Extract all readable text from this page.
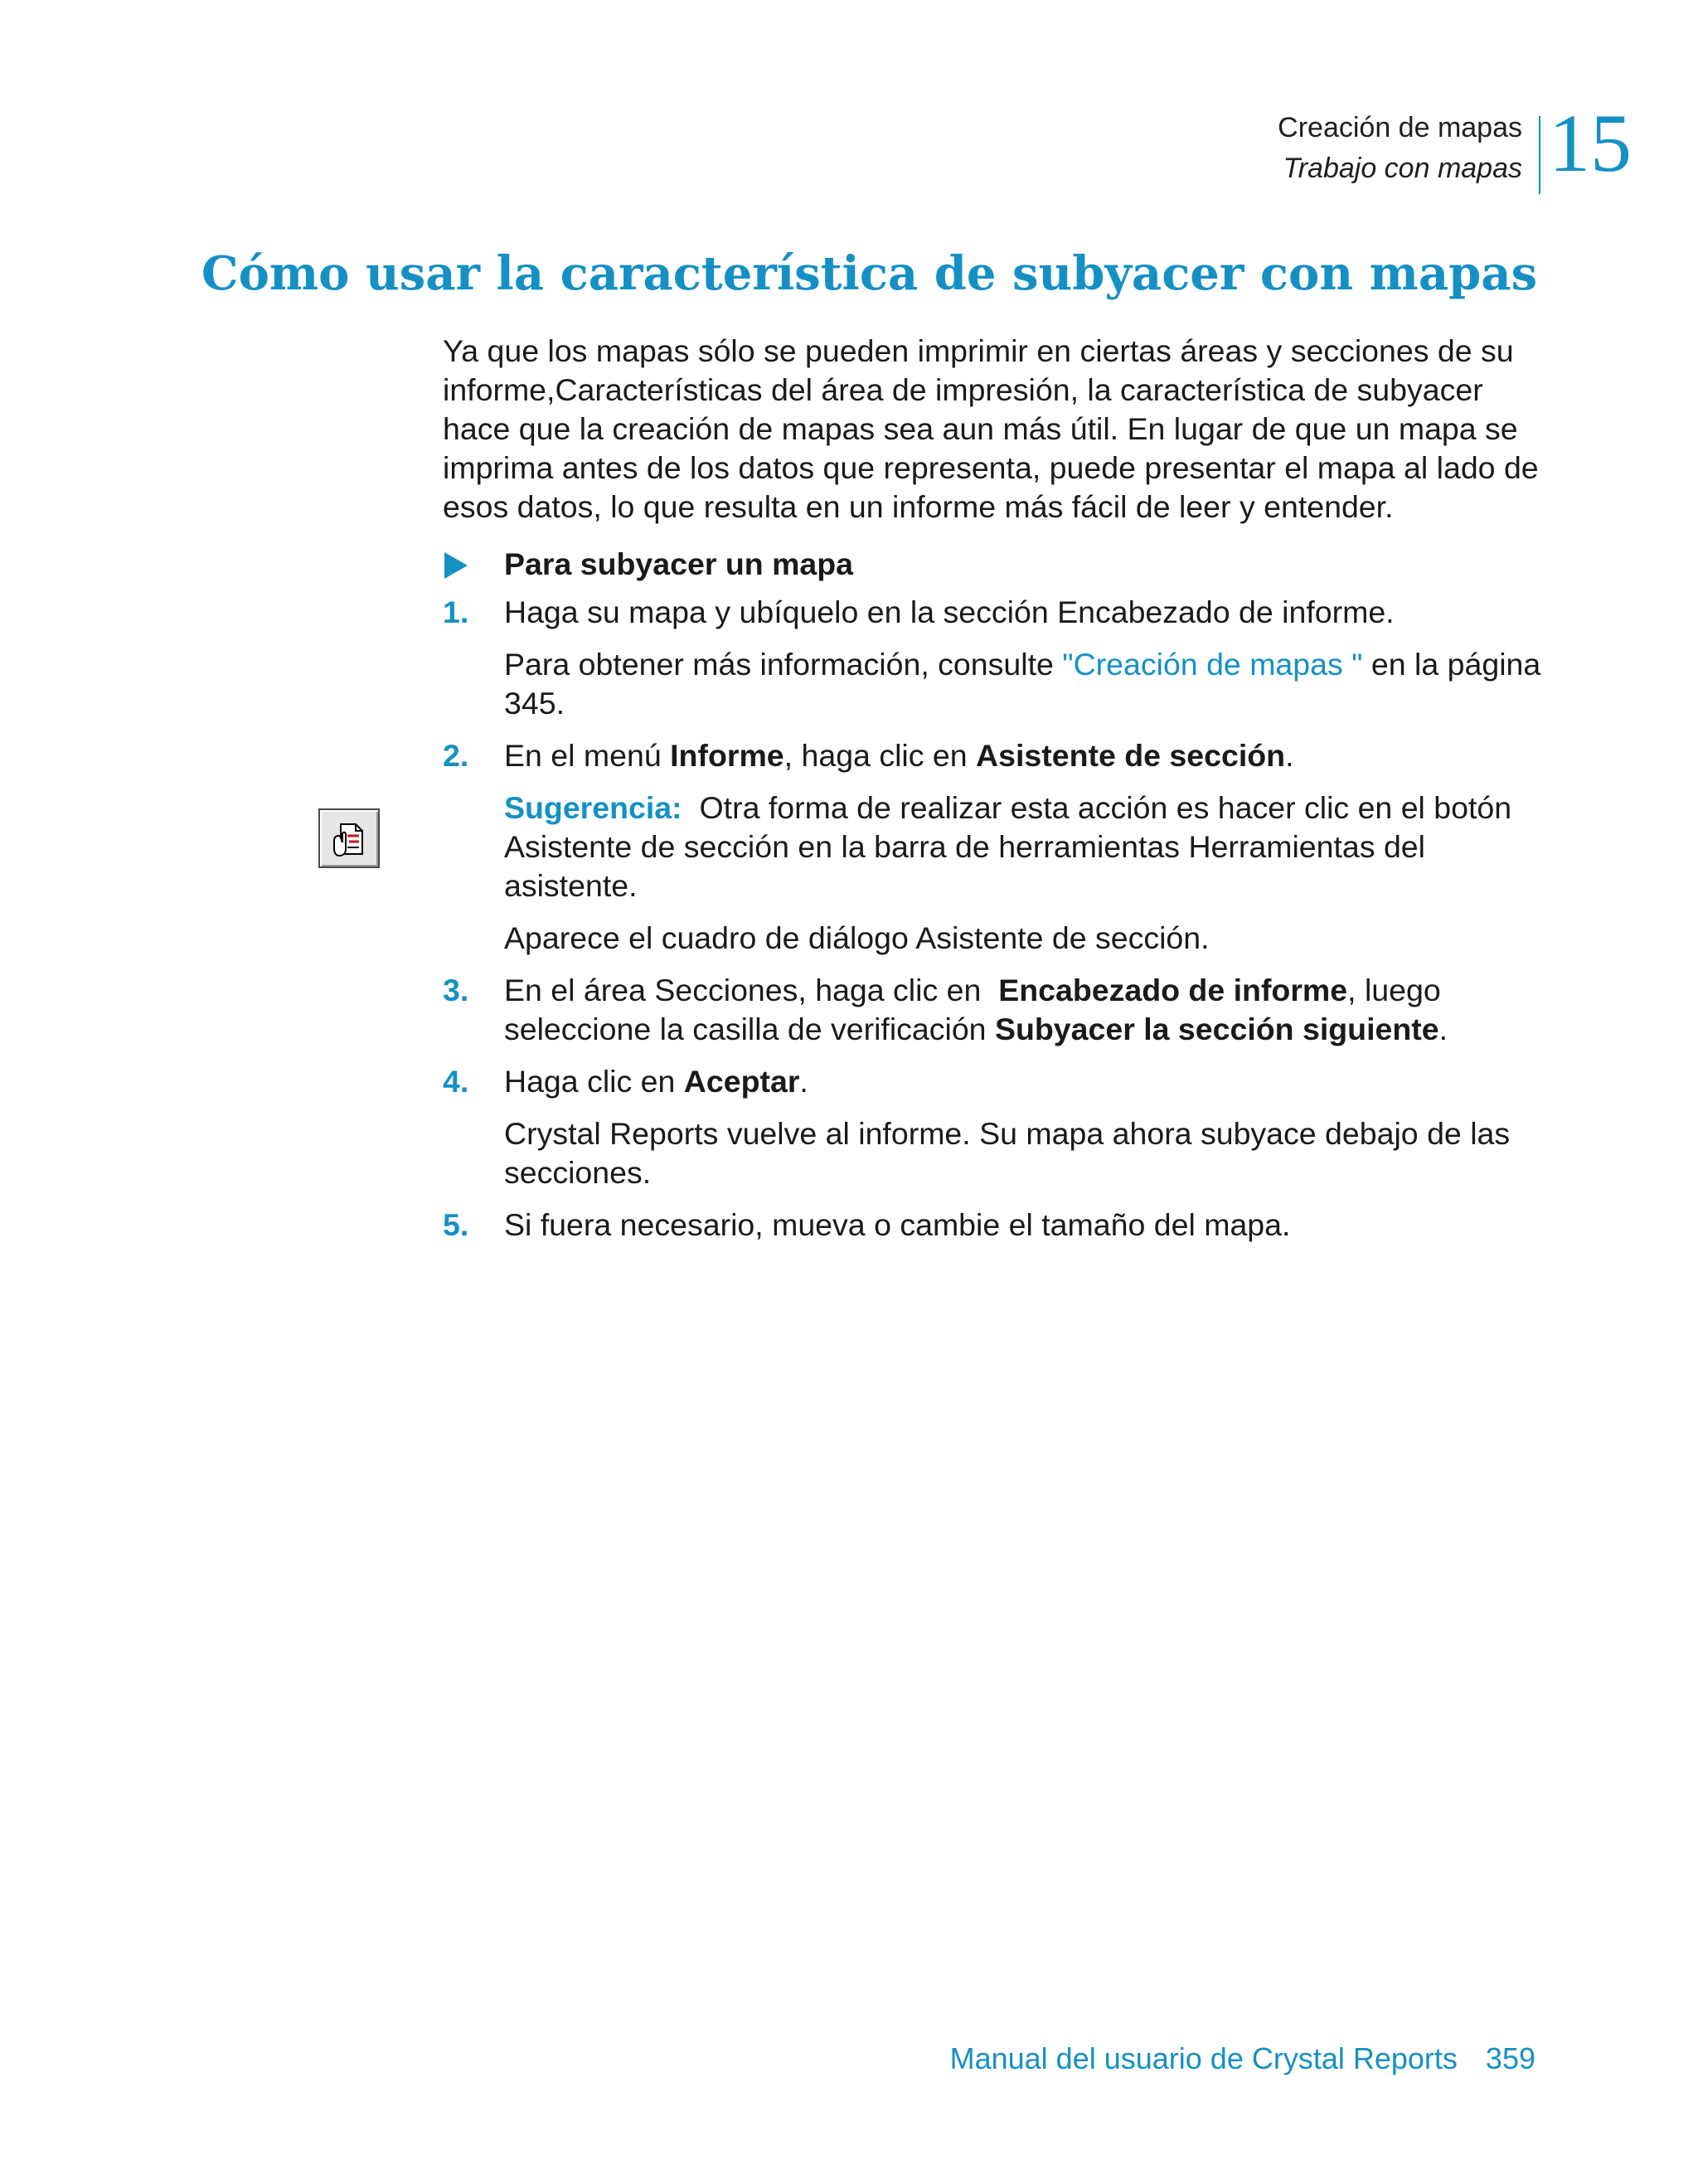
Creación de mapas
Trabajo con mapas 15
Cómo usar la característica de subyacer con mapas

Ya que los mapas sólo se pueden imprimir en ciertas áreas y secciones de su informe,Características del área de impresión, la característica de subyacer hace que la creación de mapas sea aun más útil. En lugar de que un mapa se imprima antes de los datos que representa, puede presentar el mapa al lado de esos datos, lo que resulta en un informe más fácil de leer y entender.

Para subyacer un mapa
1. Haga su mapa y ubíquelo en la sección Encabezado de informe.
Para obtener más información, consulte "Creación de mapas " en la página 345.
2. En el menú Informe, haga clic en Asistente de sección.
Sugerencia:  Otra forma de realizar esta acción es hacer clic en el botón Asistente de sección en la barra de herramientas Herramientas del asistente.
Aparece el cuadro de diálogo Asistente de sección.
3. En el área Secciones, haga clic en  Encabezado de informe, luego seleccione la casilla de verificación Subyacer la sección siguiente.
4. Haga clic en Aceptar.
Crystal Reports vuelve al informe. Su mapa ahora subyace debajo de las secciones.
5. Si fuera necesario, mueva o cambie el tamaño del mapa.
Manual del usuario de Crystal Reports 359
